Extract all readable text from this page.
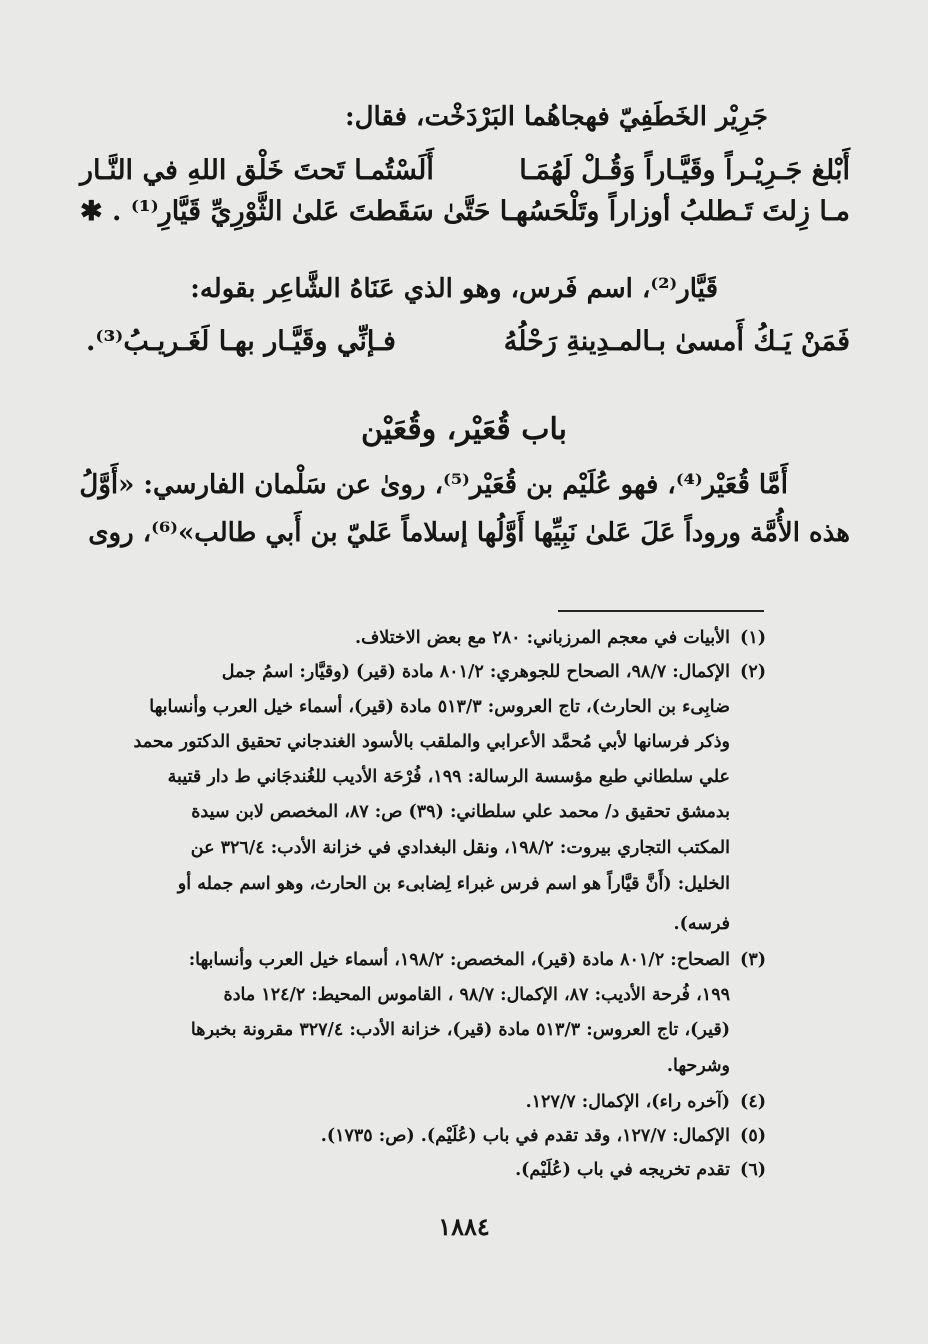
جَرِيْر الخَطَفِيّ فهجاهُما البَرْدَخْت، فقال:
أَبْلغ جَـرِيْـراً وقَيَّـاراً وَقُـلْ لَهُمَـا
أَلَسْتُمـا تَحتَ خَلْق اللهِ في النَّـار
مـا زِلتَ تَـطلبُ أوزاراً وتَلْحَسُهـا
حَتَّىٰ سَقَطتَ عَلىٰ الثَّوْرِيِّ قَيَّارِ⁽¹⁾ . ✱
قَيَّار⁽²⁾، اسم فَرس، وهو الذي عَنَاهُ الشَّاعِر بقوله:
فَمَنْ يَـكُ أَمسىٰ بـالمـدِينةِ رَحْلُهُ
فـإنِّي وقَيَّـار بهـا لَغَـريـبُ⁽³⁾.
باب قُعَيْر، وقُعَيْن
أَمَّا قُعَيْر⁽⁴⁾، فهو عُلَيْم بن قُعَيْر⁽⁵⁾، روىٰ عن سَلْمان الفارسي: «أَوَّلُ
هذه الأُمَّة وروداً عَلَ عَلىٰ نَبِيِّها أَوَّلُها إسلاماً عَليّ بن أَبي طالب»⁽⁶⁾، روى
(١)الأبيات في معجم المرزباني: ٢٨٠ مع بعض الاختلاف.
(٢)الإكمال: ٩٨/٧، الصحاح للجوهري: ٨٠١/٢ مادة (قير) (وقيَّار: اسمُ جمل
ضابِىء بن الحارث)، تاج العروس: ٥١٣/٣ مادة (قير)، أسماء خيل العرب وأنسابها
وذكر فرسانها لأبي مُحمَّد الأعرابي والملقب بالأسود الغندجاني تحقيق الدكتور محمد
علي سلطاني طبع مؤسسة الرسالة: ١٩٩، فُرْحَة الأديب للغُندجَاني ط دار قتيبة
بدمشق تحقيق د/ محمد علي سلطاني: (٣٩) ص: ٨٧، المخصص لابن سيدة
المكتب التجاري بيروت: ١٩٨/٢، ونقل البغدادي في خزانة الأدب: ٣٢٦/٤ عن
الخليل: (أَنَّ قيَّاراً هو اسم فرس غبراء لِضابىء بن الحارث، وهو اسم جمله أو
فرسه).
(٣)الصحاح: ٨٠١/٢ مادة (قير)، المخصص: ١٩٨/٢، أسماء خيل العرب وأنسابها:
١٩٩، فُرحة الأديب: ٨٧، الإكمال: ٩٨/٧ ، القاموس المحيط: ١٢٤/٢ مادة
(قير)، تاج العروس: ٥١٣/٣ مادة (قير)، خزانة الأدب: ٣٢٧/٤ مقرونة بخبرها
وشرحها.
(٤)(آخره راء)، الإكمال: ١٢٧/٧.
(٥)الإكمال: ١٢٧/٧، وقد تقدم في باب (عُلَيْم). (ص: ١٧٣٥).
(٦)تقدم تخريجه في باب (عُلَيْم).
١٨٨٤
